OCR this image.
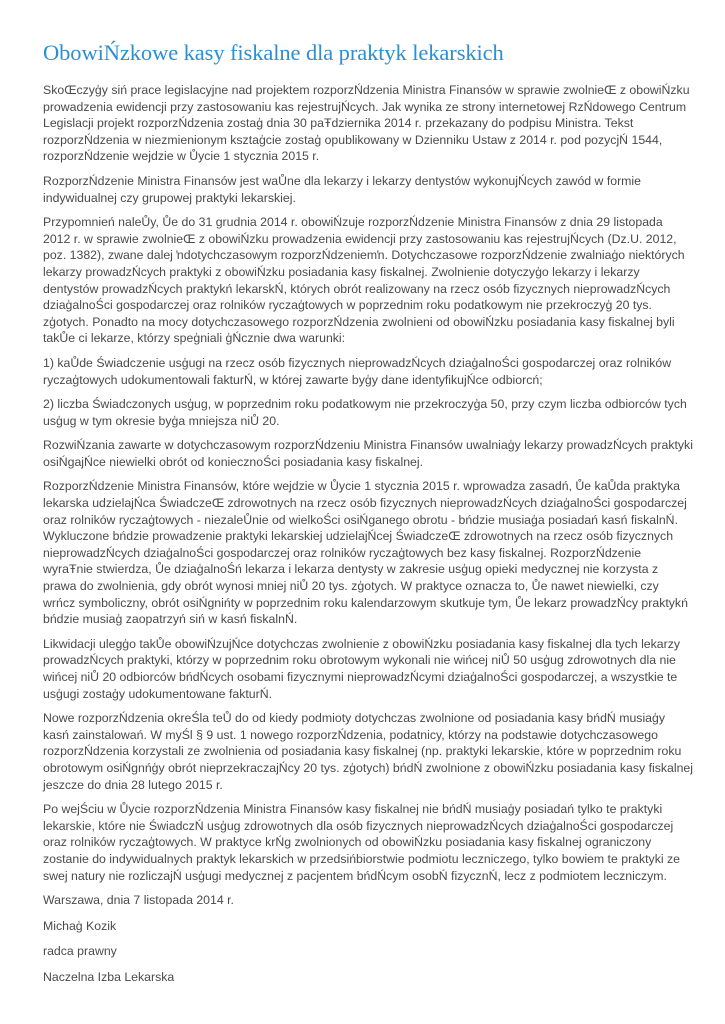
ObowiŃzkowe kasy fiskalne dla praktyk lekarskich

SkoŒczyģy siń prace legislacyjne nad projektem rozporzŃdzenia Ministra Finansów w sprawie zwolnieŒ z obowiŃzku prowadzenia ewidencji przy zastosowaniu kas rejestrujŃcych. Jak wynika ze strony internetowej RzŃdowego Centrum Legislacji projekt rozporzŃdzenia zostaģ dnia 30 paŦdziernika 2014 r. przekazany do podpisu Ministra. Tekst rozporzŃdzenia w niezmienionym ksztaģcie zostaģ opublikowany w Dzienniku Ustaw z 2014 r. pod pozycjŃ 1544, rozporzŃdzenie wejdzie w Ůycie 1 stycznia 2015 r.

RozporzŃdzenie Ministra Finansów jest waŮne dla lekarzy i lekarzy dentystów wykonujŃcych zawód w formie indywidualnej czy grupowej praktyki lekarskiej.

Przypomnień naleŮy, Ůe do 31 grudnia 2014 r. obowiŃzuje rozporzŃdzenie Ministra Finansów z dnia 29 listopada 2012 r. w sprawie zwolnieŒ z obowiŃzku prowadzenia ewidencji przy zastosowaniu kas rejestrujŃcych (Dz.U. 2012, poz. 1382), zwane dalej ŉdotychczasowym rozporzŃdzeniemŉ. Dotychczasowe rozporzŃdzenie zwalniaģo niektórych lekarzy prowadzŃcych praktyki z obowiŃzku posiadania kasy fiskalnej. Zwolnienie dotyczyģo lekarzy i lekarzy dentystów prowadzŃcych praktykń lekarskŃ, których obrót realizowany na rzecz osób fizycznych nieprowadzŃcych dziaģalnoŚci gospodarczej oraz rolników ryczaģtowych w poprzednim roku podatkowym nie przekroczyģ 20 tys. zģotych. Ponadto na mocy dotychczasowego rozporzŃdzenia zwolnieni od obowiŃzku posiadania kasy fiskalnej byli takŮe ci lekarze, którzy speģniali ģŃcznie dwa warunki:

1) kaŮde Świadczenie usģugi na rzecz osób fizycznych nieprowadzŃcych dziaģalnoŚci gospodarczej oraz rolników ryczaģtowych udokumentowali fakturŃ, w której zawarte byģy dane identyfikujŃce odbiorcń;

2) liczba Świadczonych usģug, w poprzednim roku podatkowym nie przekroczyģa 50, przy czym liczba odbiorców tych usģug w tym okresie byģa mniejsza niŮ 20.

RozwiŃzania zawarte w dotychczasowym rozporzŃdzeniu Ministra Finansów uwalniaģy lekarzy prowadzŃcych praktyki osiŃgajŃce niewielki obrót od koniecznoŚci posiadania kasy fiskalnej.

RozporzŃdzenie Ministra Finansów, które wejdzie w Ůycie 1 stycznia 2015 r. wprowadza zasadń, Ůe kaŮda praktyka lekarska udzielajŃca ŚwiadczeŒ zdrowotnych na rzecz osób fizycznych nieprowadzŃcych dziaģalnoŚci gospodarczej oraz rolników ryczaģtowych - niezaleŮnie od wielkoŚci osiŃganego obrotu - bńdzie musiaģa posiadań kasń fiskalnŃ. Wykluczone bńdzie prowadzenie praktyki lekarskiej udzielajŃcej ŚwiadczeŒ zdrowotnych na rzecz osób fizycznych nieprowadzŃcych dziaģalnoŚci gospodarczej oraz rolników ryczaģtowych bez kasy fiskalnej. RozporzŃdzenie wyraŦnie stwierdza, Ůe dziaģalnoŚń lekarza i lekarza dentysty w zakresie usģug opieki medycznej nie korzysta z prawa do zwolnienia, gdy obrót wynosi mniej niŮ 20 tys. zģotych. W praktyce oznacza to, Ůe nawet niewielki, czy wrńcz symboliczny, obrót osiŃgnińty w poprzednim roku kalendarzowym skutkuje tym, Ůe lekarz prowadzŃcy praktykń bńdzie musiaģ zaopatrzyń siń w kasń fiskalnŃ.

Likwidacji ulegģo takŮe obowiŃzujŃce dotychczas zwolnienie z obowiŃzku posiadania kasy fiskalnej dla tych lekarzy prowadzŃcych praktyki, którzy w poprzednim roku obrotowym wykonali nie wińcej niŮ 50 usģug zdrowotnych dla nie wińcej niŮ 20 odbiorców bńdŃcych osobami fizycznymi nieprowadzŃcymi dziaģalnoŚci gospodarczej, a wszystkie te usģugi zostaģy udokumentowane fakturŃ.

Nowe rozporzŃdzenia okreŚla teŮ do od kiedy podmioty dotychczas zwolnione od posiadania kasy bńdŃ musiaģy kasń zainstalowań. W myŚl § 9 ust. 1 nowego rozporzŃdzenia, podatnicy, którzy na podstawie dotychczasowego rozporzŃdzenia korzystali ze zwolnienia od posiadania kasy fiskalnej (np. praktyki lekarskie, które w poprzednim roku obrotowym osiŃgnńģy obrót nieprzekraczajŃcy 20 tys. zģotych) bńdŃ zwolnione z obowiŃzku posiadania kasy fiskalnej jeszcze do dnia 28 lutego 2015 r.

Po wejŚciu w Ůycie rozporzŃdzenia Ministra Finansów kasy fiskalnej nie bńdŃ musiaģy posiadań tylko te praktyki lekarskie, które nie ŚwiadczŃ usģug zdrowotnych dla osób fizycznych nieprowadzŃcych dziaģalnoŚci gospodarczej oraz rolników ryczaģtowych. W praktyce krŃg zwolnionych od obowiŃzku posiadania kasy fiskalnej ograniczony zostanie do indywidualnych praktyk lekarskich w przedsińbiorstwie podmiotu leczniczego, tylko bowiem te praktyki ze swej natury nie rozliczajŃ usģugi medycznej z pacjentem bńdŃcym osobŃ fizycznŃ, lecz z podmiotem leczniczym.

Warszawa, dnia 7 listopada 2014 r.

Michaģ Kozik

radca prawny

Naczelna Izba Lekarska
